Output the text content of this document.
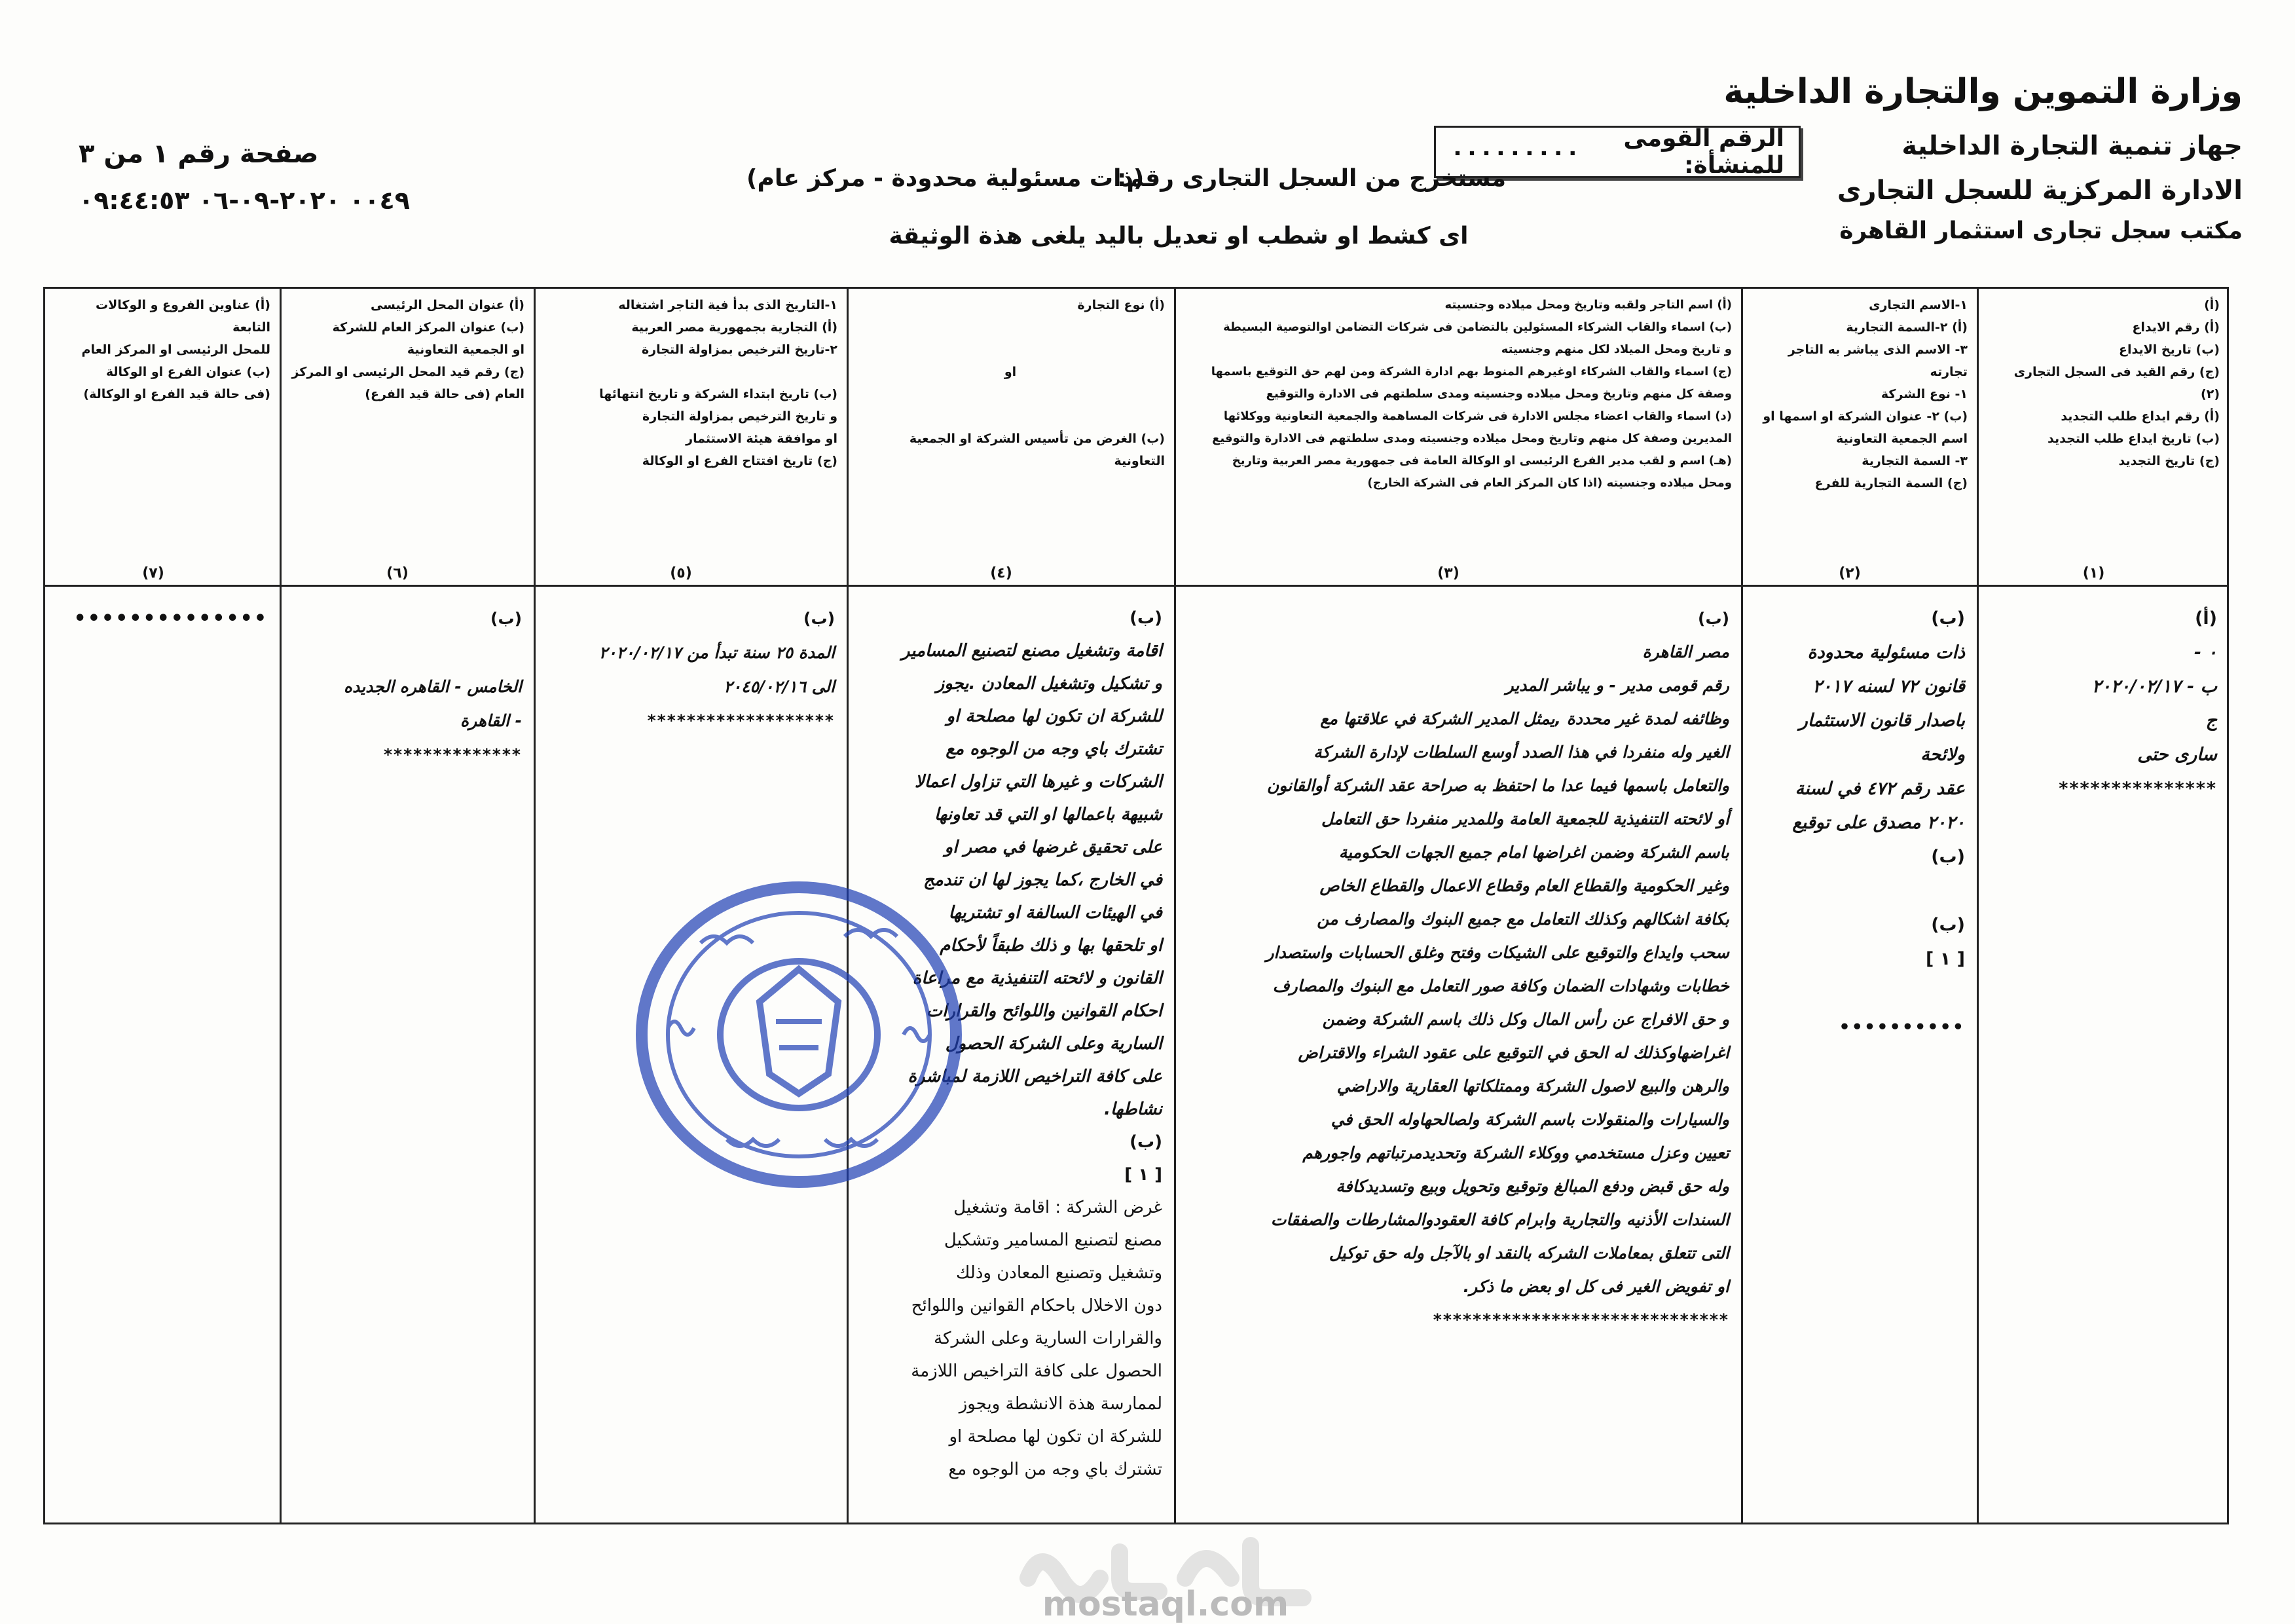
وزارة التموين والتجارة الداخلية
جهاز تنمية التجارة الداخلية
الادارة المركزية للسجل التجارى
مكتب سجل تجارى استثمار القاهرة
الرقم القومى للمنشأة:
٠٠٠٠٠٠٠٠٠
مستخرج من السجل التجارى رقم:
(ذات مسئولية محدودة - مركز عام)
اى كشط او شطب او تعديل باليد يلغى هذة الوثيقة
صفحة رقم ١ من ٣
٠٠٤٩ ٢٠٢٠-٠٩-٠٦ ٠٩:٤٤:٥٣
(أ)
(أ) رقم الايداع
(ب) تاريخ الايداع
(ج) رقم القيد فى السجل التجارى
(٢)
(أ) رقم ايداع طلب التجديد
(ب) تاريخ ايداع طلب التجديد
(ج) تاريخ التجديد
(١)

(أ)

٠ -

ب - ٢٠٢٠/٠٢/١٧

ج

سارى حتى

***************

١-الاسم التجارى
(أ) ٢-السمة التجارية
٣- الاسم الذى يباشر به التاجر تجارته
١- نوع الشركة
(ب) ٢- عنوان الشركة او اسمها او اسم الجمعية التعاونية
٣- السمة التجارية
(ج) السمة التجارية للفرع
(٢)

(ب)

ذات مسئولية محدودة

قانون ٧٢ لسنه ٢٠١٧

باصدار قانون الاستثمار

ولائحة

عقد رقم ٤٧٢ في لسنة

٢٠٢٠ مصدق على توقيع

(ب)

(ب)

[ ١ ]

••••••••••

(أ) اسم التاجر ولقبه وتاريخ ومحل ميلاده وجنسيته
(ب) اسماء والقاب الشركاء المسئولين بالتضامن فى شركات التضامن اوالتوصية البسيطة
و تاريخ ومحل الميلاد لكل منهم وجنسيته
(ج) اسماء والقاب الشركاء اوغيرهم المنوط بهم ادارة الشركة ومن لهم حق التوقيع باسمها
وصفة كل منهم وتاريخ ومحل ميلاده وجنسيته ومدى سلطتهم فى الادارة والتوقيع
(د) اسماء والقاب اعضاء مجلس الادارة فى شركات المساهمة والجمعية التعاونية ووكلائها
المديرين وصفة كل منهم وتاريخ ومحل ميلاده وجنسيته ومدى سلطتهم فى الادارة والتوقيع
(هـ) اسم و لقب مدير الفرع الرئيسى او الوكالة العامة فى جمهورية مصر العربية وتاريخ
ومحل ميلاده وجنسيته (اذا كان المركز العام فى الشركة الخارج)
(٣)

(ب)

مصر القاهرة

رقم قومى مدير - و يباشر المدير

وظائفه لمدة غير محددة ,يمثل المدير الشركة في علاقتها مع

الغير وله منفردا في هذا الصدد أوسع السلطات لإدارة الشركة

والتعامل باسمها فيما عدا ما احتفظ به صراحة عقد الشركة أوالقانون

أو لائحته التنفيذية للجمعية العامة وللمدير منفردا حق التعامل

باسم الشركة وضمن اغراضها امام جميع الجهات الحكومية

وغير الحكومية والقطاع العام وقطاع الاعمال والقطاع الخاص

بكافة اشكالهم وكذلك التعامل مع جميع البنوك والمصارف من

سحب وايداع والتوقيع على الشيكات وفتح وغلق الحسابات واستصدار

خطابات وشهادات الضمان وكافة صور التعامل مع البنوك والمصارف

و حق الافراج عن رأس المال وكل ذلك باسم الشركة وضمن

اغراضهاوكذلك له الحق في التوقيع على عقود الشراء والاقتراض

والرهن والبيع لاصول الشركة وممتلكاتها العقارية والاراضي

والسيارات والمنقولات باسم الشركة ولصالحهاوله الحق في

تعيين وعزل مستخدمي ووكلاء الشركة وتحديدمرتباتهم واجورهم

وله حق قبض ودفع المبالغ وتوقيع وتحويل وبيع وتسديدكافة

السندات الأذنيه والتجارية وابرام كافة العقودوالمشارطات والصفقات

التى تتعلق بمعاملات الشركه بالنقد او بالآجل وله حق توكيل

او تفويض الغير فى كل او بعض ما ذكر.

******************************

(أ) نوع التجارة
او
(ب) الغرض من تأسيس الشركة او الجمعية التعاونية
(٤)

(ب)

اقامة وتشغيل مصنع لتصنيع المسامير

و تشكيل وتشغيل المعادن .يجوز

للشركة ان تكون لها مصلحة او

تشترك باي وجه من الوجوه مع

الشركات و غيرها التي تزاول اعمالا

شبيهة باعمالها او التي قد تعاونها

على تحقيق غرضها في مصر او

في الخارج ،كما يجوز لها ان تندمج

في الهيئات السالفة او تشتريها

او تلحقها بها و ذلك طبقاً لأحكام

القانون و لائحته التنفيذية مع مراعاة

احكام القوانين واللوائح والقرارات

السارية وعلى الشركة الحصول

على كافة التراخيص اللازمة لمباشرة

نشاطها.

(ب)

[ ١ ]

غرض الشركة : اقامة وتشغيل

مصنع لتصنيع المسامير وتشكيل

وتشغيل وتصنيع المعادن وذلك

دون الاخلال باحكام القوانين واللوائح

والقرارات السارية وعلى الشركة

الحصول على كافة التراخيص اللازمة

لممارسة هذة الانشطة ويجوز

للشركة ان تكون لها مصلحة او

تشترك باي وجه من الوجوه مع

١-التاريخ الذى بدأ فية التاجر اشتغاله
(أ) التجارية بجمهورية مصر العربية
٢-تاريخ الترخيص بمزاولة التجارة
(ب) تاريخ ابتداء الشركة و تاريخ انتهائها
و تاريخ الترخيص بمزاولة التجارة
او موافقة هيئة الاستثمار
(ج) تاريخ افتتاح الفرع او الوكالة
(٥)

(ب)

المدة ٢٥ سنة تبدأ من ٢٠٢٠/٠٢/١٧

الى ٢٠٤٥/٠٢/١٦

*******************

(أ) عنوان المحل الرئيسى
(ب) عنوان المركز العام للشركة
او الجمعية التعاونية
(ج) رقم قيد المحل الرئيسى او المركز
العام (فى حالة قيد الفرع)
(٦)

(ب)

الخامس - القاهره الجديده

- القاهرة

**************

(أ) عناوين الفروع و الوكالات التابعة
للمحل الرئيسى او المركز العام
(ب) عنوان الفرع او الوكالة
(فى حالة قيد الفرع او الوكالة)
(٧)

••••••••••••••

mostaql.com
